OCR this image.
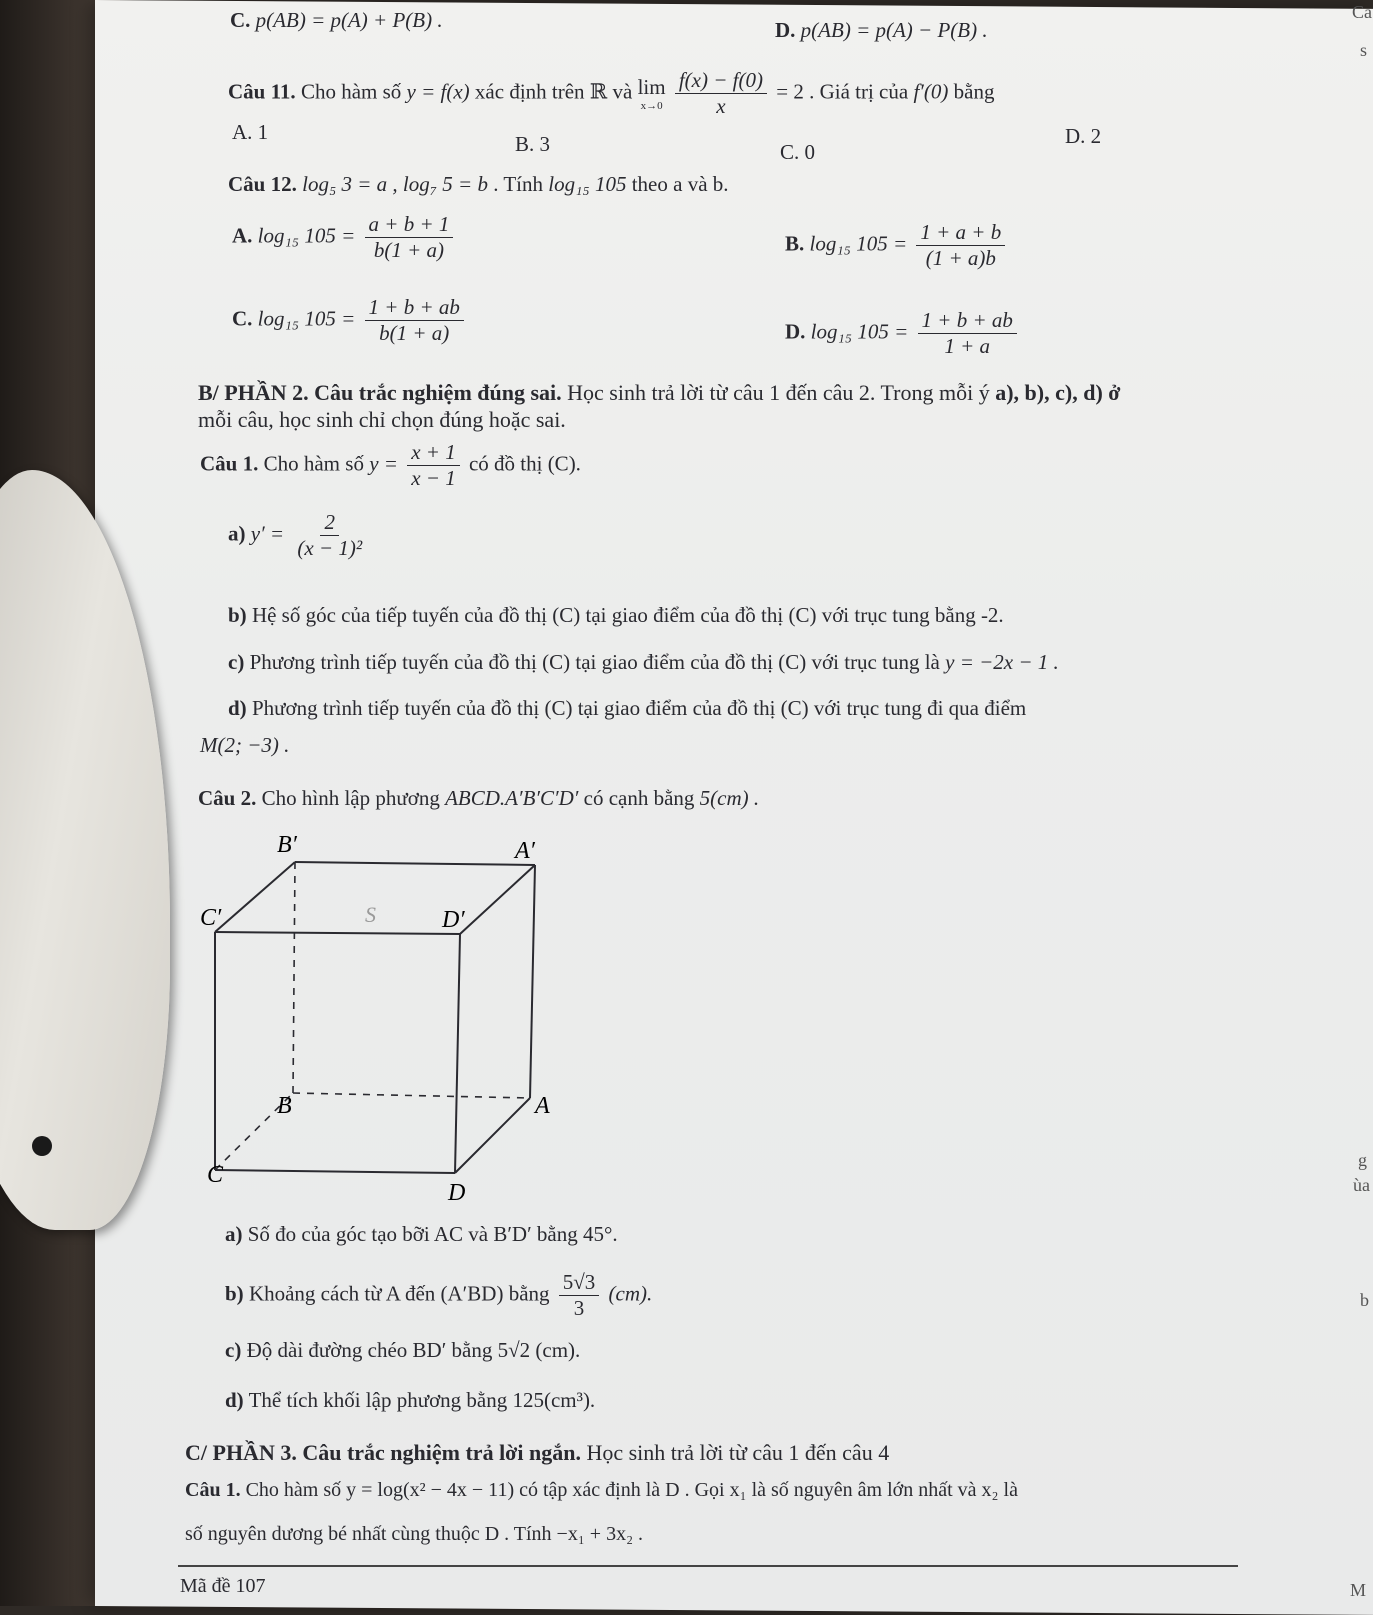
C. p(AB) = p(A) + P(B) .	D. p(AB) = p(A) − P(B) .
Câu 11. Cho hàm số y = f(x) xác định trên ℝ và lim
x→0
$\frac{f(x) - f(0)}{x} = 2$ . Giá trị của f′(0) bằng
A. 1	B. 3	C. 0
D. 2
Câu 12. log₅ 3 = a , log₇ 5 = b . Tính log₁₅ 105 theo a và b.
A. log₁₅ $105 = \frac{a + b + 1}{b(1 + a)}$	B. log₁₅ $105 = \frac{1 + a + b}{(1 + a)b}$
C. log₁₅ $105 = \frac{1 + b + ab}{b(1 + a)}$	D. log₁₅ $105 = \frac{1 + b + ab}{1 + a}$
B/ PHẦN 2. Câu trắc nghiệm đúng sai. Học sinh trả lời từ câu 1 đến câu 2. Trong mỗi ý a), b), c), d) ở
mỗi câu, học sinh chỉ chọn đúng hoặc sai.
Câu 1. Cho hàm số $y = \frac{x + 1}{x - 1}$ có đồ thị (C).
a) $y' = \frac{2}{\text{(x − 1)²}}$
b) Hệ số góc của tiếp tuyến của đồ thị (C) tại giao điểm của đồ thị (C) với trục tung bằng -2.
c) Phương trình tiếp tuyến của đồ thị (C) tại giao điểm của đồ thị (C) với trục tung là y = −2x − 1 .
d) Phương trình tiếp tuyến của đồ thị (C) tại giao điểm của đồ thị (C) với trục tung đi qua điểm
M(2; −3) .
Câu 2. Cho hình lập phương ABCD.A′B′C′D′ có cạnh bằng 5(cm) .
B′	A′
C′	D′
S
B	A
C
D
a) Số đo của góc tạo bỡi AC và B′D′ bằng 45°.
b) Khoảng cách từ A đến (A′BD) bằng $\frac{5√3}{3} (cm)$.
c) Độ dài đường chéo BD′ bằng 5√2 (cm).
d) Thể tích khối lập phương bằng 125(cm³).
C/ PHẦN 3. Câu trắc nghiệm trả lời ngắn. Học sinh trả lời từ câu 1 đến câu 4
Câu 1. Cho hàm số y = log(x² − 4x − 11) có tập xác định là D . Gọi x₁ là số nguyên âm lớn nhất và x₂ là
số nguyên dương bé nhất cùng thuộc D . Tính −x₁ + 3x₂ .
Mã đề 107
Ca
s
g
ùa
b
M
